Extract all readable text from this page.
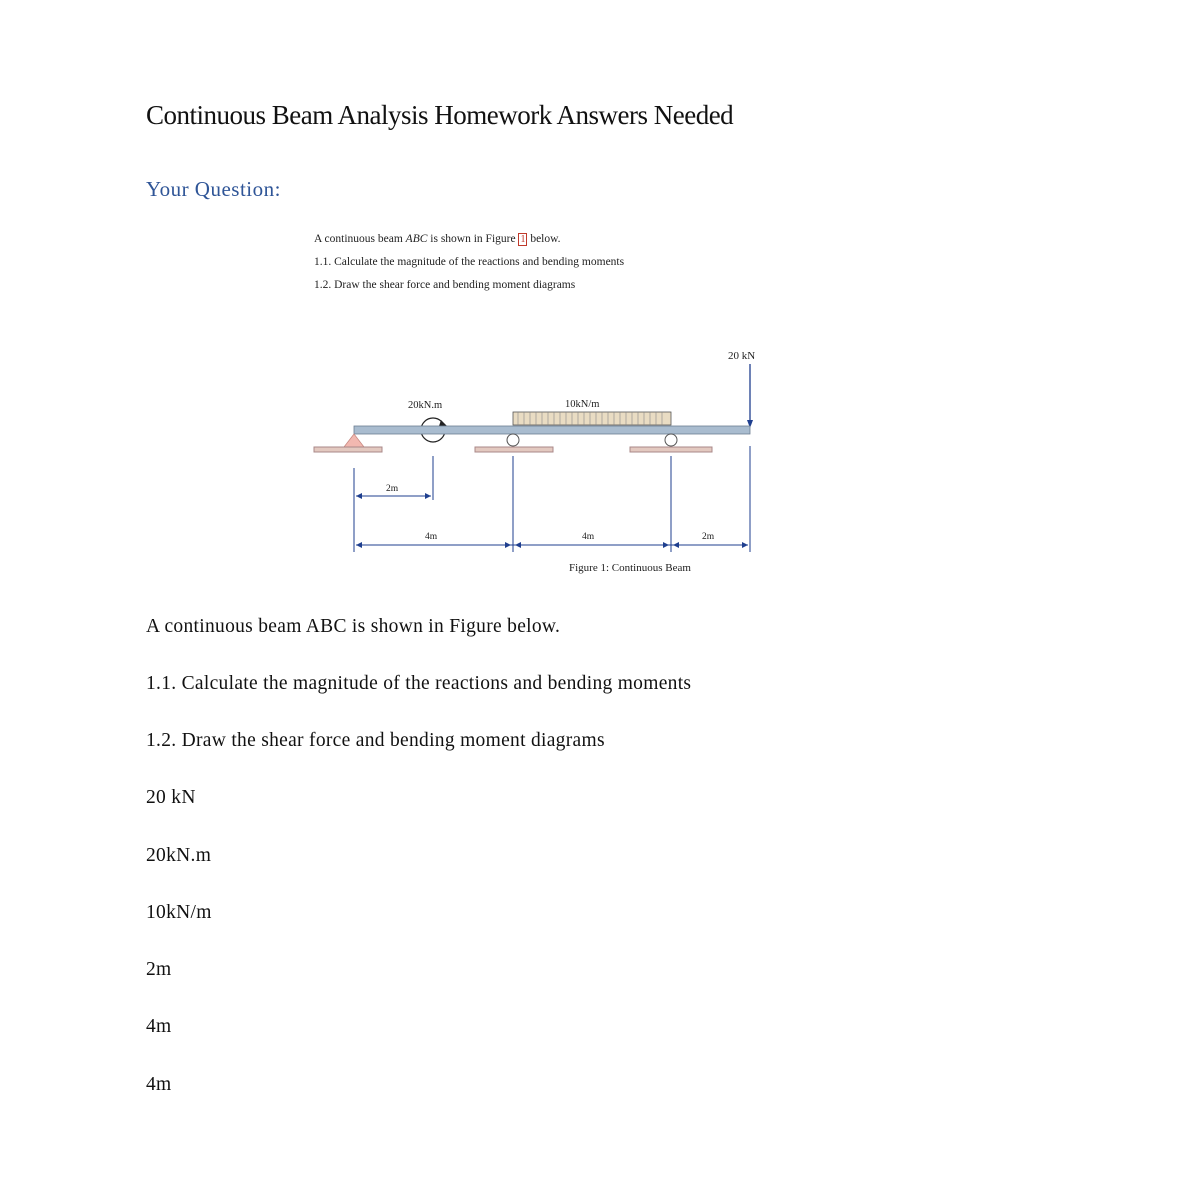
Continuous Beam Analysis Homework Answers Needed
Your Question:
A continuous beam ABC is shown in Figure 1 below.
1.1. Calculate the magnitude of the reactions and bending moments
1.2. Draw the shear force and bending moment diagrams
20 kN
20kN.m	10kN/m
2m
4m	4m	2m
Figure 1: Continuous Beam
A continuous beam ABC is shown in Figure below.
1.1. Calculate the magnitude of the reactions and bending moments
1.2. Draw the shear force and bending moment diagrams
20 kN
20kN.m
10kN/m
2m
4m
4m
